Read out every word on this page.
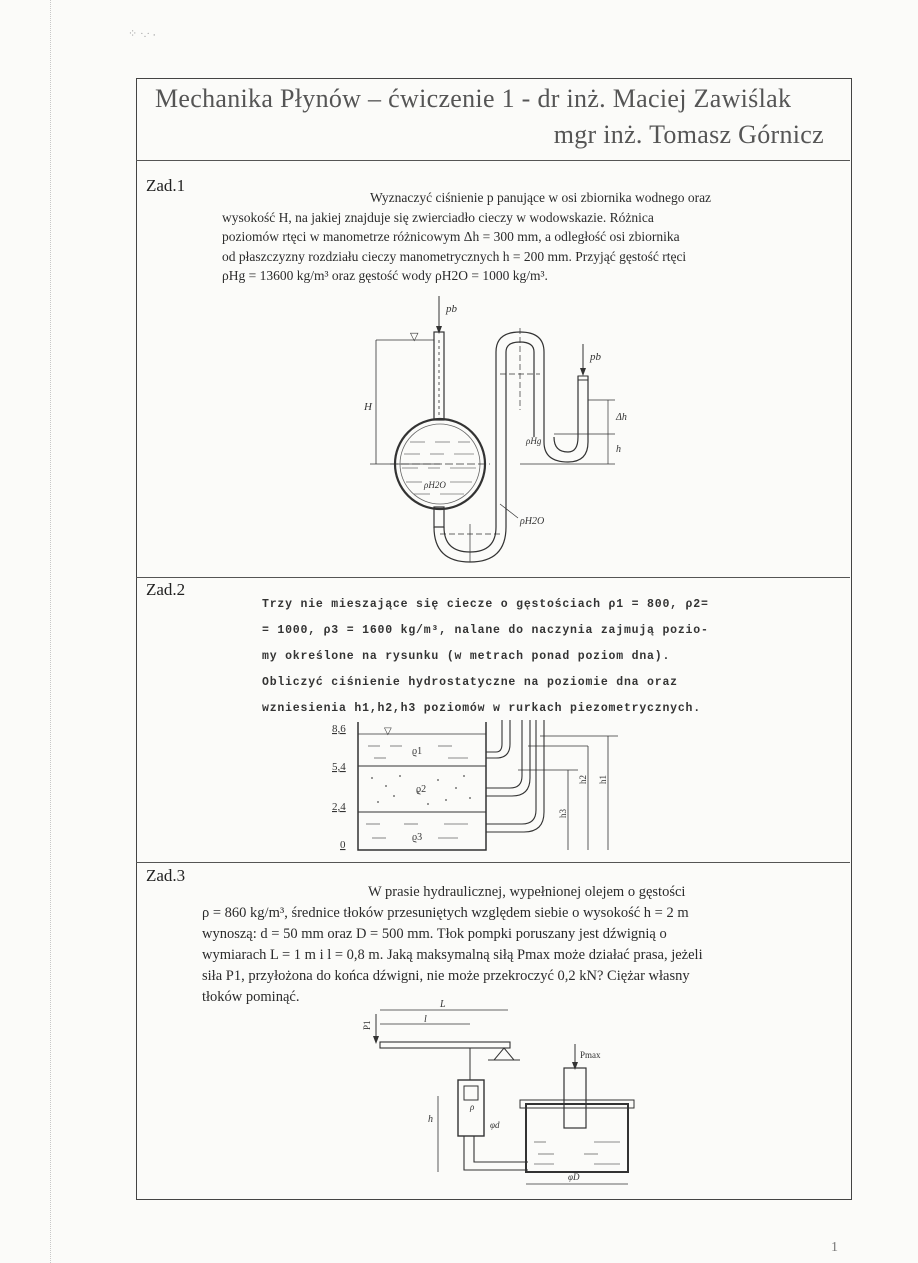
⁘ ·.· ⸳
Mechanika Płynów – ćwiczenie 1 - dr inż. Maciej Zawiślak
mgr inż. Tomasz Górnicz
Zad.1
Wyznaczyć ciśnienie p panujące w osi zbiornika wodnego oraz
wysokość H, na jakiej znajduje się zwierciadło cieczy w wodowskazie. Różnica
poziomów rtęci w manometrze różnicowym Δh = 300 mm, a odległość osi zbiornika
od płaszczyzny rozdziału cieczy manometrycznych h = 200 mm. Przyjąć gęstość rtęci
ρHg = 13600 kg/m³ oraz gęstość wody ρH2O = 1000 kg/m³.
pb
▽
H
ρH2O
ρH2O
Δh
h
ρHg
pb
Zad.2
Trzy nie mieszające się ciecze o gęstościach ρ1 = 800, ρ2=
= 1000, ρ3 = 1600 kg/m³, nalane do naczynia zajmują pozio-
my określone na rysunku (w metrach ponad poziom dna).
Obliczyć ciśnienie hydrostatyczne na poziomie dna oraz
wzniesienia h1,h2,h3 poziomów w rurkach piezometrycznych.
▽
8,6
5,4
2,4
0
ϱ1
ϱ2
ϱ3
h3
h2 h1
Zad.3
W prasie hydraulicznej, wypełnionej olejem o gęstości
ρ = 860 kg/m³, średnice tłoków przesuniętych względem siebie o wysokość h = 2 m
wynoszą: d = 50 mm oraz D = 500 mm. Tłok pompki poruszany jest dźwignią o
wymiarach L = 1 m i l = 0,8 m. Jaką maksymalną siłą Pmax może działać prasa, jeżeli
siła P1, przyłożona do końca dźwigni, nie może przekroczyć 0,2 kN? Ciężar własny
tłoków pominąć.	L
l
P1
ρ
φd
h
Pmax
φD
1
